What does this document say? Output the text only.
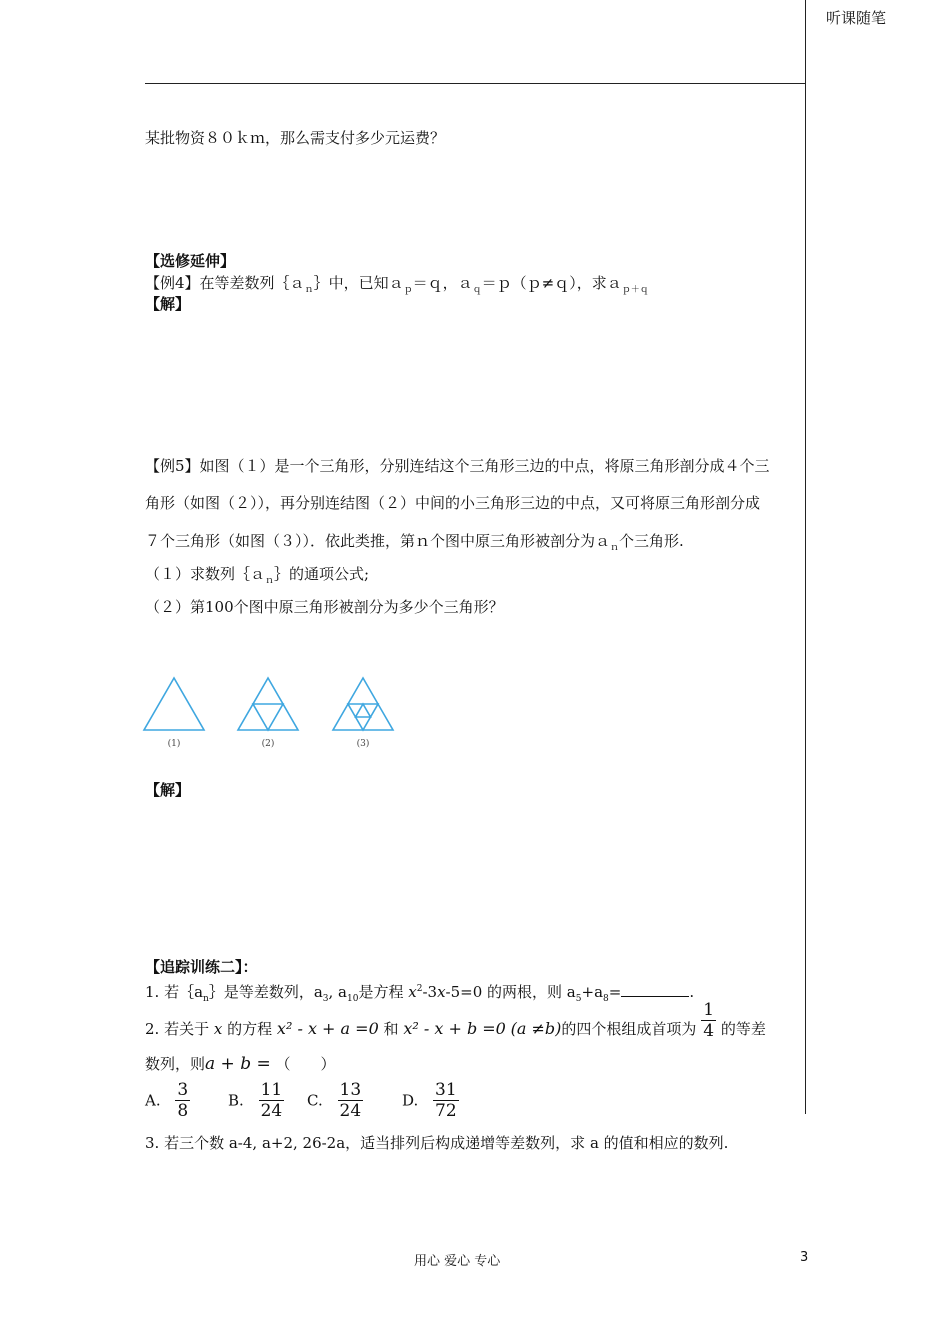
听课随笔
某批物资８０ｋｍ，那么需支付多少元运费？
【选修延伸】
【例4】在等差数列｛ａ$_n$｝中，已知ａ$_p$＝ｑ，ａ$_q$＝ｐ（ｐ≠ｑ），求ａ$_{p+q}$
【解】
【例5】如图（１）是一个三角形，分别连结这个三角形三边的中点，将原三角形剖分成４个三
角形（如图（２）），再分别连结图（２）中间的小三角形三边的中点，又可将原三角形剖分成
７个三角形（如图（３））．依此类推，第ｎ个图中原三角形被剖分为ａ$_n$个三角形.
（１）求数列｛ａ$_n$｝的通项公式;
（２）第100个图中原三角形被剖分为多少个三角形？
(1)	(2)	(3)
【解】
【追踪训练二】：
1. 若$\{a_n\}$是等差数列，$a_3$, $a_{10}$是方程 $x^2-3x-5=0$ 的两根，则 $a_5+a_8=$	.
2. 若关于 x 的方程 x² - x + a =0 和 x² - x + b =0 (a ≠b)的四个根组成首项为 $\frac{1}{4}$ 的等差
数列，则a + b = （　　）
A. $\frac{3}{8}$	B. $\frac{11}{24} C$. $\frac{13}{24}$	D. $\frac{31}{72}$
3. 若三个数 a-4, a+2, 26-2a，适当排列后构成递增等差数列，求 a 的值和相应的数列.
用心 爱心 专心	3
